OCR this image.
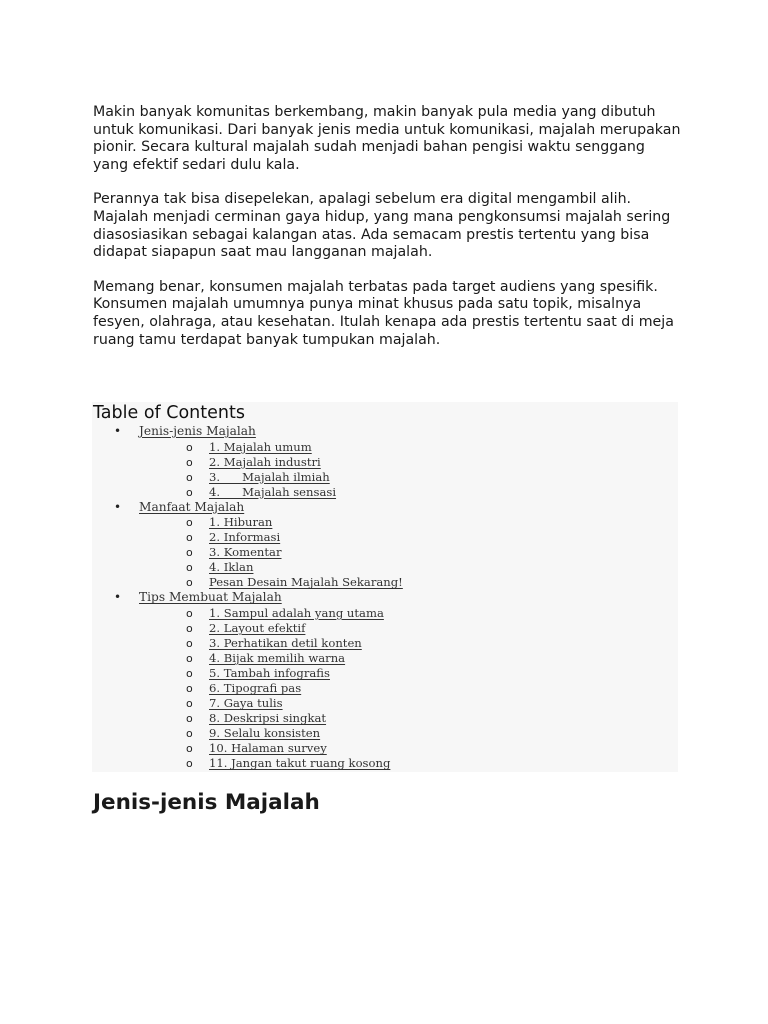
Makin banyak komunitas berkembang, makin banyak pula media yang dibutuh untuk komunikasi. Dari banyak jenis media untuk komunikasi, majalah merupakan pionir. Secara kultural majalah sudah menjadi bahan pengisi waktu senggang yang efektif sedari dulu kala.

Perannya tak bisa disepelekan, apalagi sebelum era digital mengambil alih. Majalah menjadi cerminan gaya hidup, yang mana pengkonsumsi majalah sering diasosiasikan sebagai kalangan atas. Ada semacam prestis tertentu yang bisa didapat siapapun saat mau langganan majalah.

Memang benar, konsumen majalah terbatas pada target audiens yang spesifik. Konsumen majalah umumnya punya minat khusus pada satu topik, misalnya fesyen, olahraga, atau kesehatan. Itulah kenapa ada prestis tertentu saat di meja ruang tamu terdapat banyak tumpukan majalah.

Table of Contents
• Jenis-jenis Majalah
o 1. Majalah umum
o 2. Majalah industri
o 3.      Majalah ilmiah
o 4.      Majalah sensasi
• Manfaat Majalah
o 1. Hiburan
o 2. Informasi
o 3. Komentar
o 4. Iklan
o Pesan Desain Majalah Sekarang!
• Tips Membuat Majalah
o 1. Sampul adalah yang utama
o 2. Layout efektif
o 3. Perhatikan detil konten
o 4. Bijak memilih warna
o 5. Tambah infografis
o 6. Tipografi pas
o 7. Gaya tulis
o 8. Deskripsi singkat
o 9. Selalu konsisten
o 10. Halaman survey
o 11. Jangan takut ruang kosong
Jenis-jenis Majalah
